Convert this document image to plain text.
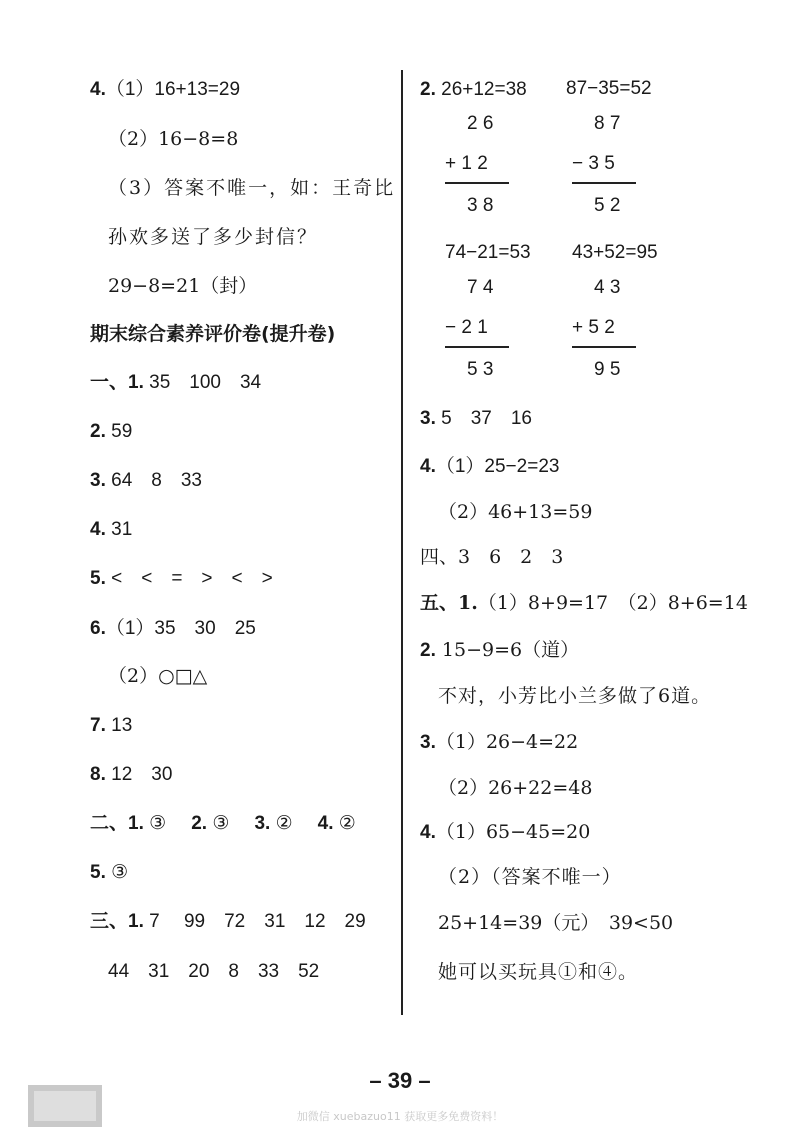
4.（1）16+13=29
（2）16−8=8
（3）答案不唯一，如：王奇比
孙欢多送了多少封信？
29−8=21（封）
期末综合素养评价卷(提升卷)
一、1. 35　100　34
2. 59
3. 64　8　33
4. 31
5. <　<　=　>　<　>
6.（1）35　30　25
（2）○□△
7. 13
8. 12　30
二、1. ③　 2. ③　 3. ②　 4. ②
5. ③
三、1. 7　 99　72　31　12　29
44　31　20　8　33　52
2. 26+12=38 87−35=52
2 6
+ 1 2
3 8
8 7
− 3 5
5 2
74−21=53 43+52=95
7 4
− 2 1
5 3
4 3
+ 5 2
9 5
3. 5　37　16
4.（1）25−2=23
（2）46+13=59
四、3　6　2　3
五、1.（1）8+9=17　（2）8+6=14
2. 15−9=6（道）
不对，小芳比小兰多做了6道。
3.（1）26−4=22
（2）26+22=48
4.（1）65−45=20
（2）（答案不唯一）
25+14=39（元）　39<50
她可以买玩具①和④。
– 39 –
加微信 xuebazuo11 获取更多免费资料！
